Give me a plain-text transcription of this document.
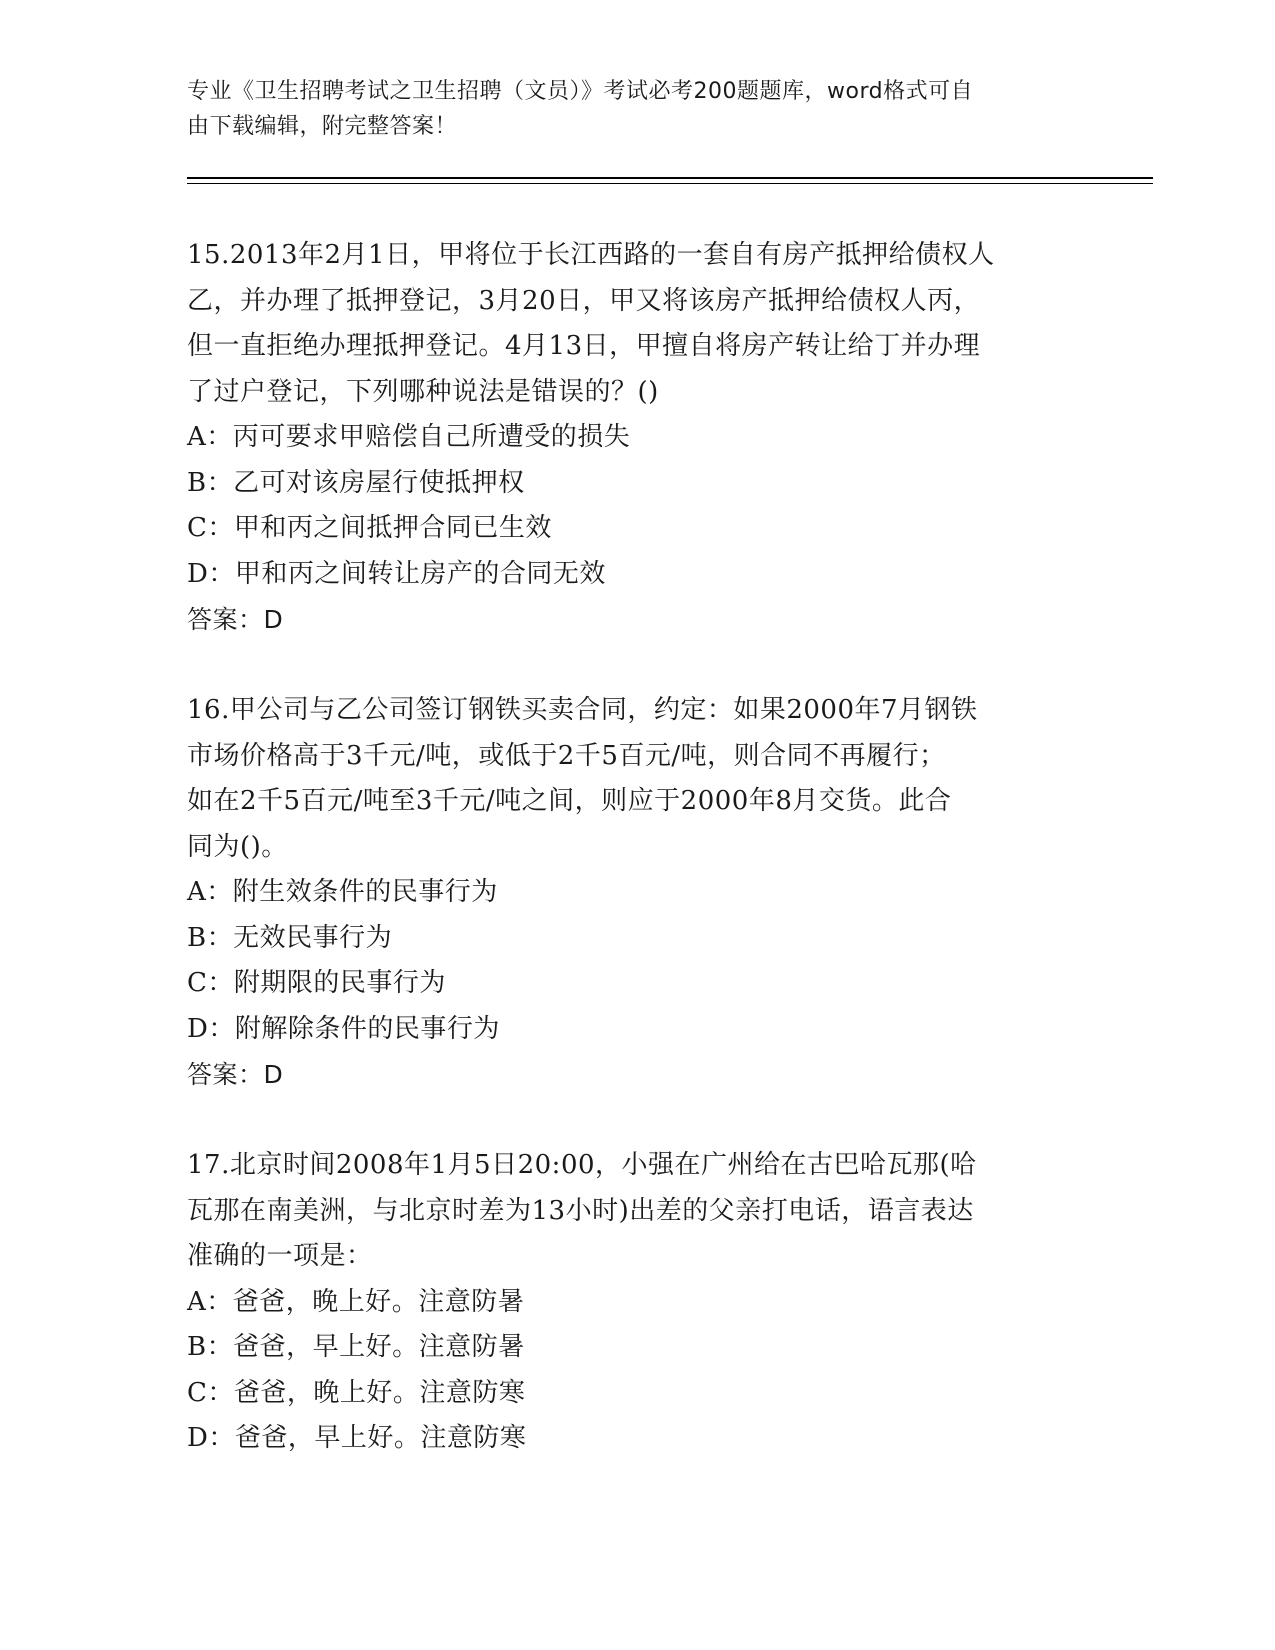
专业《卫生招聘考试之卫生招聘（文员）》考试必考200题题库，word格式可自
由下载编辑，附完整答案！
15.2013年2月1日，甲将位于长江西路的一套自有房产抵押给债权人
乙，并办理了抵押登记，3月20日，甲又将该房产抵押给债权人丙，
但一直拒绝办理抵押登记。4月13日，甲擅自将房产转让给丁并办理
了过户登记，下列哪种说法是错误的？()
A：丙可要求甲赔偿自己所遭受的损失
B：乙可对该房屋行使抵押权
C：甲和丙之间抵押合同已生效
D：甲和丙之间转让房产的合同无效
答案：D
16.甲公司与乙公司签订钢铁买卖合同，约定：如果2000年7月钢铁
市场价格高于3千元/吨，或低于2千5百元/吨，则合同不再履行；
如在2千5百元/吨至3千元/吨之间，则应于2000年8月交货。此合
同为()。
A：附生效条件的民事行为
B：无效民事行为
C：附期限的民事行为
D：附解除条件的民事行为
答案：D
17.北京时间2008年1月5日20:00，小强在广州给在古巴哈瓦那(哈
瓦那在南美洲，与北京时差为13小时)出差的父亲打电话，语言表达
准确的一项是：
A：爸爸，晚上好。注意防暑
B：爸爸，早上好。注意防暑
C：爸爸，晚上好。注意防寒
D：爸爸，早上好。注意防寒
